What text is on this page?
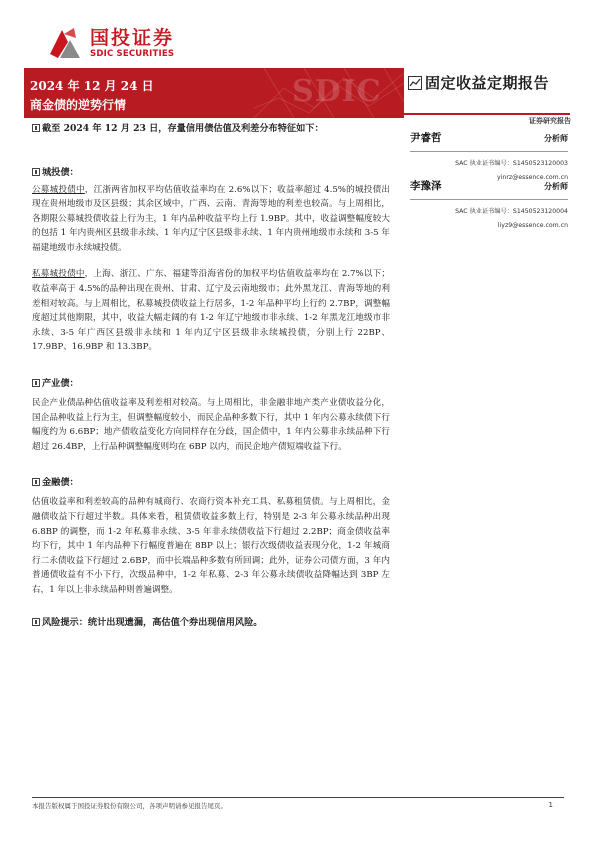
国投证券
SDIC SECURITIES
SDIC
2024 年 12 月 24 日
商金债的逆势行情
固定收益定期报告
证券研究报告
截至 2024 年 12 月 23 日，存量信用债估值及利差分布特征如下：
城投债：

公募城投债中，江浙两省加权平均估值收益率均在 2.6%以下；收益率超过 4.5%的城投债出现在贵州地级市及区县级；其余区域中，广西、云南、青海等地的利差也较高。与上周相比，各期限公募城投债收益上行为主，1 年内品种收益平均上行 1.9BP。其中，收益调整幅度较大的包括 1 年内贵州区县级非永续、1 年内辽宁区县级非永续、1 年内贵州地级市永续和 3-5 年福建地级市永续城投债。

私募城投债中，上海、浙江、广东、福建等沿海省份的加权平均估值收益率均在 2.7%以下；收益率高于 4.5%的品种出现在贵州、甘肃、辽宁及云南地级市；此外黑龙江、青海等地的利差相对较高。与上周相比，私募城投债收益上行居多，1-2 年品种平均上行约 2.7BP，调整幅度超过其他期限，其中，收益大幅走阔的有 1-2 年辽宁地级市非永续、1-2 年黑龙江地级市非永续、3-5 年广西区县级非永续和 1 年内辽宁区县级非永续城投债，分别上行 22BP、17.9BP、16.9BP 和 13.3BP。

产业债：

民企产业债品种估值收益率及利差相对较高。与上周相比，非金融非地产类产业债收益分化，国企品种收益上行为主，但调整幅度较小，而民企品种多数下行，其中 1 年内公募永续债下行幅度约为 6.6BP；地产债收益变化方向同样存在分歧，国企债中，1 年内公募非永续品种下行超过 26.4BP，上行品种调整幅度则均在 6BP 以内，而民企地产债短端收益下行。

金融债：

估值收益率和利差较高的品种有城商行、农商行资本补充工具、私募租赁债。与上周相比，金融债收益下行超过半数。具体来看，租赁债收益多数上行，特别是 2-3 年公募永续品种出现 6.8BP 的调整，而 1-2 年私募非永续、3-5 年非永续债收益下行超过 2.2BP；商金债收益率均下行，其中 1 年内品种下行幅度普遍在 8BP 以上；银行次级债收益表现分化，1-2 年城商行二永债收益下行超过 2.6BP，而中长端品种多数有所回调；此外，证券公司债方面，3 年内普通债收益有不小下行，次级品种中，1-2 年私募、2-3 年公募永续债收益降幅达到 3BP 左右，1 年以上非永续品种则普遍调整。

风险提示：统计出现遗漏，高估值个券出现信用风险。
尹睿哲	分析师
SAC 执业证书编号：S1450523120003
yinrz@essence.com.cn
李豫泽	分析师
SAC 执业证书编号：S1450523120004
liyz9@essence.com.cn
本报告版权属于国投证券股份有限公司，各项声明请参见报告尾页。	1
